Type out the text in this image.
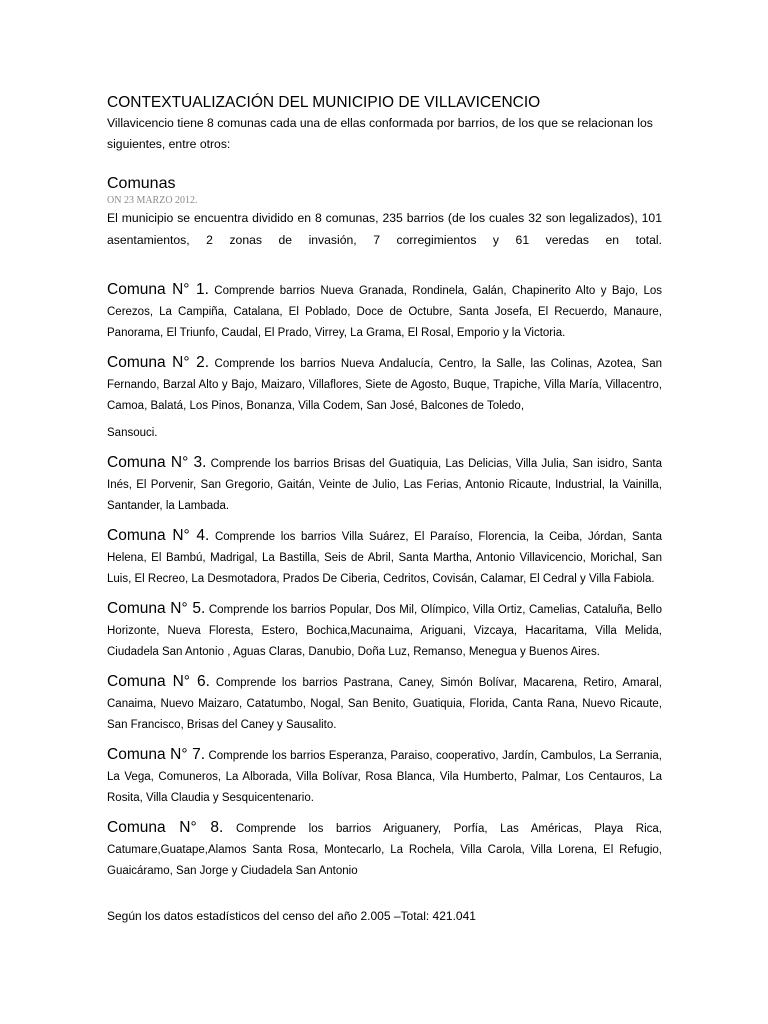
CONTEXTUALIZACIÓN DEL MUNICIPIO DE VILLAVICENCIO

Villavicencio tiene 8 comunas cada una de ellas conformada por barrios, de los que se relacionan los siguientes, entre otros:

Comunas

ON 23 MARZO 2012.

El municipio se encuentra dividido en 8 comunas, 235 barrios (de los cuales 32 son legalizados), 101 asentamientos, 2 zonas de invasión, 7 corregimientos y 61 veredas en total.

Comuna N° 1. Comprende barrios Nueva Granada, Rondinela, Galán, Chapinerito Alto y Bajo, Los Cerezos, La Campiña, Catalana, El Poblado, Doce de Octubre, Santa Josefa, El Recuerdo, Manaure, Panorama, El Triunfo, Caudal, El Prado, Virrey, La Grama, El Rosal, Emporio y la Victoria.

Comuna N° 2. Comprende los barrios Nueva Andalucía, Centro, la Salle, las Colinas, Azotea, San Fernando, Barzal Alto y Bajo, Maizaro, Villaflores, Siete de Agosto, Buque, Trapiche, Villa María, Villacentro, Camoa, Balatá, Los Pinos, Bonanza, Villa Codem, San José, Balcones de Toledo,
Sansouci.

Comuna N° 3. Comprende los barrios Brisas del Guatiquia, Las Delicias, Villa Julia, San isidro, Santa Inés, El Porvenir, San Gregorio, Gaitán, Veinte de Julio, Las Ferias, Antonio Ricaute, Industrial, la Vainilla, Santander, la Lambada.

Comuna N° 4. Comprende los barrios Villa Suárez, El Paraíso, Florencia, la Ceiba, Jórdan, Santa Helena, El Bambú, Madrigal, La Bastilla, Seis de Abril, Santa Martha, Antonio Villavicencio, Morichal, San Luis, El Recreo, La Desmotadora, Prados De Ciberia, Cedritos, Covisán, Calamar, El Cedral y Villa Fabiola.

Comuna N° 5. Comprende los barrios Popular, Dos Mil, Olímpico, Villa Ortiz, Camelias, Cataluña, Bello Horizonte, Nueva Floresta, Estero, Bochica,Macunaima, Ariguani, Vizcaya, Hacaritama, Villa Melida, Ciudadela San Antonio , Aguas Claras, Danubio, Doña Luz, Remanso, Menegua y Buenos Aires.

Comuna N° 6. Comprende los barrios Pastrana, Caney, Simón Bolívar, Macarena, Retiro, Amaral, Canaima, Nuevo Maizaro, Catatumbo, Nogal, San Benito, Guatiquia, Florida, Canta Rana, Nuevo Ricaute, San Francisco, Brisas del Caney y Sausalito.

Comuna N° 7. Comprende los barrios Esperanza, Paraiso, cooperativo, Jardín, Cambulos, La Serrania, La Vega, Comuneros, La Alborada, Villa Bolívar, Rosa Blanca, Vila Humberto, Palmar, Los Centauros, La Rosita, Villa Claudia y Sesquicentenario.

Comuna N° 8. Comprende los barrios Ariguanery, Porfía, Las Américas, Playa Rica, Catumare,Guatape,Alamos Santa Rosa, Montecarlo, La Rochela, Villa Carola, Villa Lorena, El Refugio, Guaicáramo, San Jorge y Ciudadela San Antonio

Según los datos estadísticos del censo del año 2.005 –Total: 421.041
